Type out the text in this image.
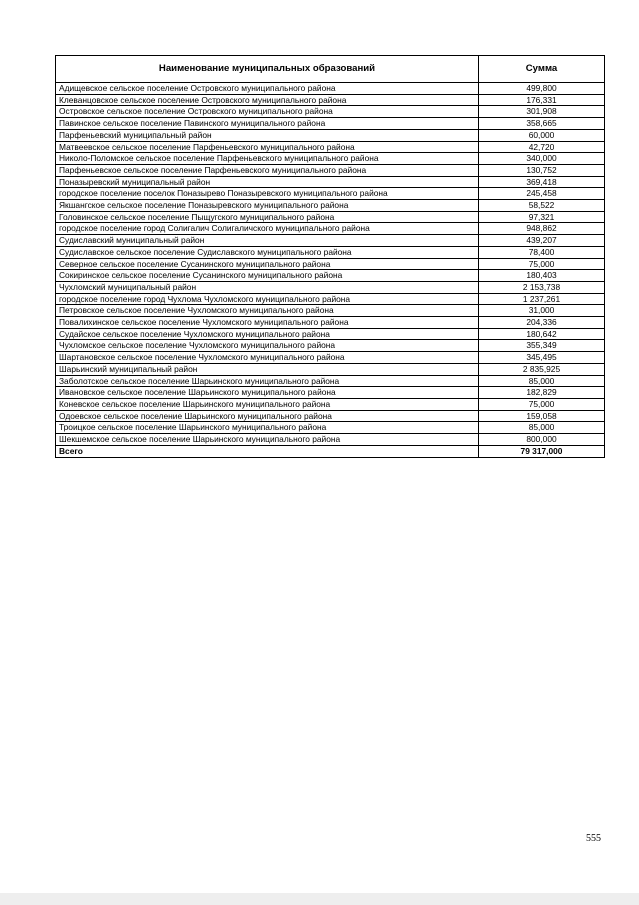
Наименование муниципальных образований	Сумма
Адищевское сельское поселение Островского муниципального района	499,800
Клеванцовское сельское поселение Островского муниципального района	176,331
Островское сельское поселение Островского муниципального района	301,908
Павинское сельское поселение Павинского муниципального района	358,665
Парфеньевский муниципальный район	60,000
Матвеевское сельское поселение Парфеньевского муниципального района	42,720
Николо-Поломское сельское поселение Парфеньевского муниципального района	340,000
Парфеньевское сельское поселение Парфеньевского муниципального района	130,752
Поназыревский муниципальный район	369,418
городское поселение поселок Поназырево Поназыревского муниципального района	245,458
Якшангское сельское поселение Поназыревского муниципального района	58,522
Головинское сельское поселение Пыщугского муниципального района	97,321
городское поселение город Солигалич Солигаличского муниципального района	948,862
Судиславский муниципальный район	439,207
Судиславское сельское поселение Судиславского муниципального района	78,400
Северное сельское поселение Сусанинского муниципального района	75,000
Сокиринское сельское поселение Сусанинского муниципального района	180,403
Чухломский муниципальный район	2 153,738
городское поселение город Чухлома Чухломского муниципального района	1 237,261
Петровское сельское поселение Чухломского муниципального района	31,000
Повалихинское сельское поселение Чухломского муниципального района	204,336
Судайское сельское поселение Чухломского муниципального района	180,642
Чухломское сельское поселение Чухломского муниципального района	355,349
Шартановское сельское поселение Чухломского муниципального района	345,495
Шарьинский муниципальный район	2 835,925
Заболотское сельское поселение Шарьинского муниципального района	85,000
Ивановское сельское поселение Шарьинского муниципального района	182,829
Коневское сельское поселение Шарьинского муниципального района	75,000
Одоевское сельское поселение Шарьинского муниципального района	159,058
Троицкое сельское поселение Шарьинского муниципального района	85,000
Шекшемское сельское поселение Шарьинского муниципального района	800,000
Всего	79 317,000
555
